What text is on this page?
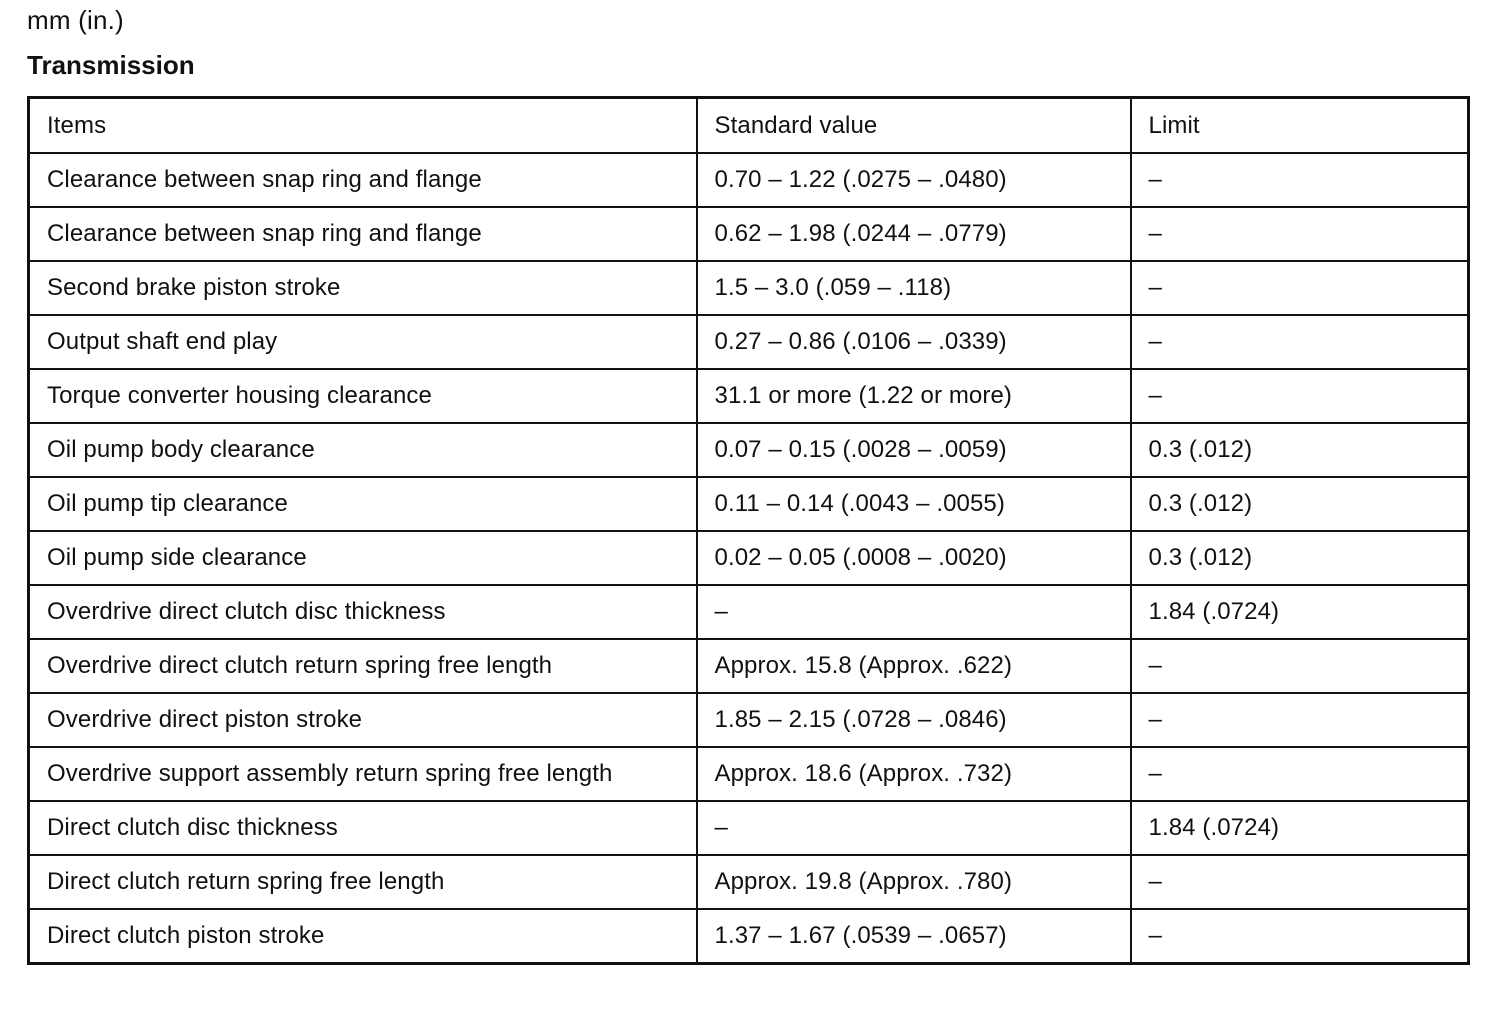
mm (in.)
Transmission
Items	Standard value	Limit
Clearance between snap ring and flange	0.70 – 1.22 (.0275 – .0480)	–
Clearance between snap ring and flange	0.62 – 1.98 (.0244 – .0779)	–
Second brake piston stroke	1.5 – 3.0 (.059 – .118)	–
Output shaft end play	0.27 – 0.86 (.0106 – .0339)	–
Torque converter housing clearance	31.1 or more (1.22 or more)	–
Oil pump body clearance	0.07 – 0.15 (.0028 – .0059)	0.3 (.012)
Oil pump tip clearance	0.11 – 0.14 (.0043 – .0055)	0.3 (.012)
Oil pump side clearance	0.02 – 0.05 (.0008 – .0020)	0.3 (.012)
Overdrive direct clutch disc thickness	–	1.84 (.0724)
Overdrive direct clutch return spring free length	Approx. 15.8 (Approx. .622)	–
Overdrive direct piston stroke	1.85 – 2.15 (.0728 – .0846)	–
Overdrive support assembly return spring free length	Approx. 18.6 (Approx. .732)	–
Direct clutch disc thickness	–	1.84 (.0724)
Direct clutch return spring free length	Approx. 19.8 (Approx. .780)	–
Direct clutch piston stroke	1.37 – 1.67 (.0539 – .0657)	–
